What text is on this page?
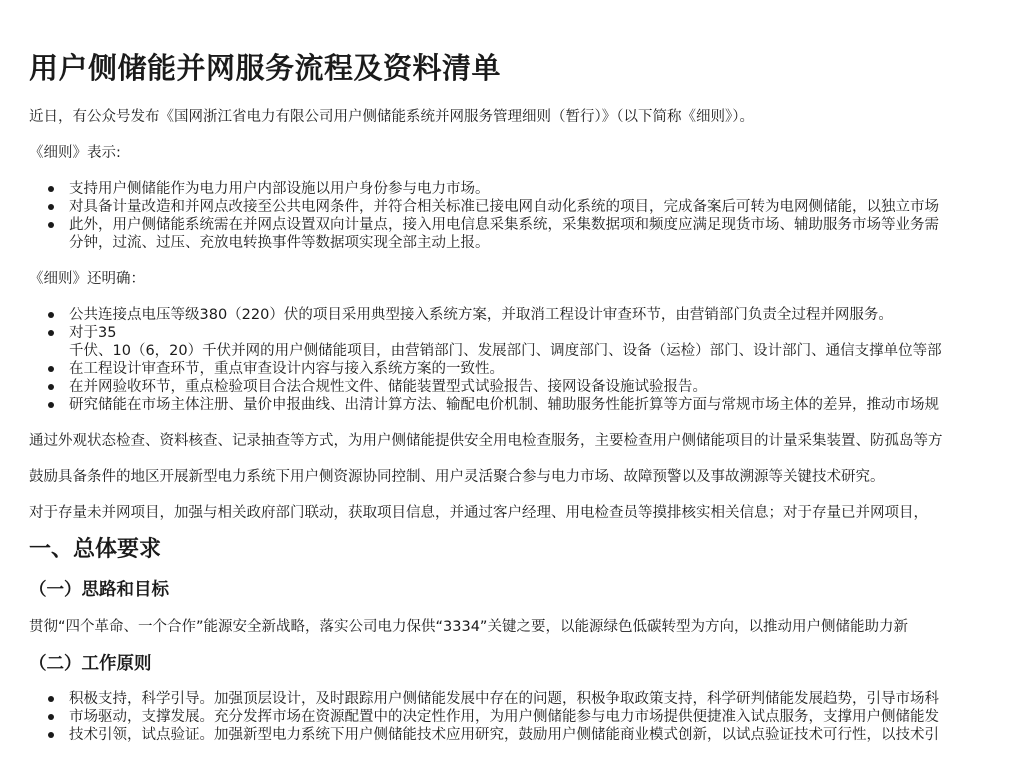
用户侧储能并网服务流程及资料清单

近日，有公众号发布《国网浙江省电力有限公司用户侧储能系统并网服务管理细则（暂行）》（以下简称《细则》）。

《细则》表示:

支持用户侧储能作为电力用户内部设施以用户身份参与电力市场。
对具备计量改造和并网点改接至公共电网条件，并符合相关标准已接电网自动化系统的项目，完成备案后可转为电网侧储能，以独立市场
此外，用户侧储能系统需在并网点设置双向计量点，接入用电信息采集系统，采集数据项和频度应满足现货市场、辅助服务市场等业务需
分钟，过流、过压、充放电转换事件等数据项实现全部主动上报。

《细则》还明确：

公共连接点电压等级380（220）伏的项目采用典型接入系统方案，并取消工程设计审查环节，由营销部门负责全过程并网服务。
对于35
千伏、10（6，20）千伏并网的用户侧储能项目，由营销部门、发展部门、调度部门、设备（运检）部门、设计部门、通信支撑单位等部
在工程设计审查环节，重点审查设计内容与接入系统方案的一致性。
在并网验收环节，重点检验项目合法合规性文件、储能装置型式试验报告、接网设备设施试验报告。
研究储能在市场主体注册、量价申报曲线、出清计算方法、输配电价机制、辅助服务性能折算等方面与常规市场主体的差异，推动市场规

通过外观状态检查、资料核查、记录抽查等方式，为用户侧储能提供安全用电检查服务，主要检查用户侧储能项目的计量采集装置、防孤岛等方

鼓励具备条件的地区开展新型电力系统下用户侧资源协同控制、用户灵活聚合参与电力市场、故障预警以及事故溯源等关键技术研究。

对于存量未并网项目，加强与相关政府部门联动，获取项目信息，并通过客户经理、用电检查员等摸排核实相关信息；对于存量已并网项目，

一、总体要求
（一）思路和目标

贯彻“四个革命、一个合作”能源安全新战略，落实公司电力保供“3334”关键之要，以能源绿色低碳转型为方向，以推动用户侧储能助力新

（二）工作原则
积极支持，科学引导。加强顶层设计，及时跟踪用户侧储能发展中存在的问题，积极争取政策支持，科学研判储能发展趋势，引导市场科
市场驱动，支撑发展。充分发挥市场在资源配置中的决定性作用，为用户侧储能参与电力市场提供便捷准入试点服务，支撑用户侧储能发
技术引领，试点验证。加强新型电力系统下用户侧储能技术应用研究，鼓励用户侧储能商业模式创新，以试点验证技术可行性，以技术引
